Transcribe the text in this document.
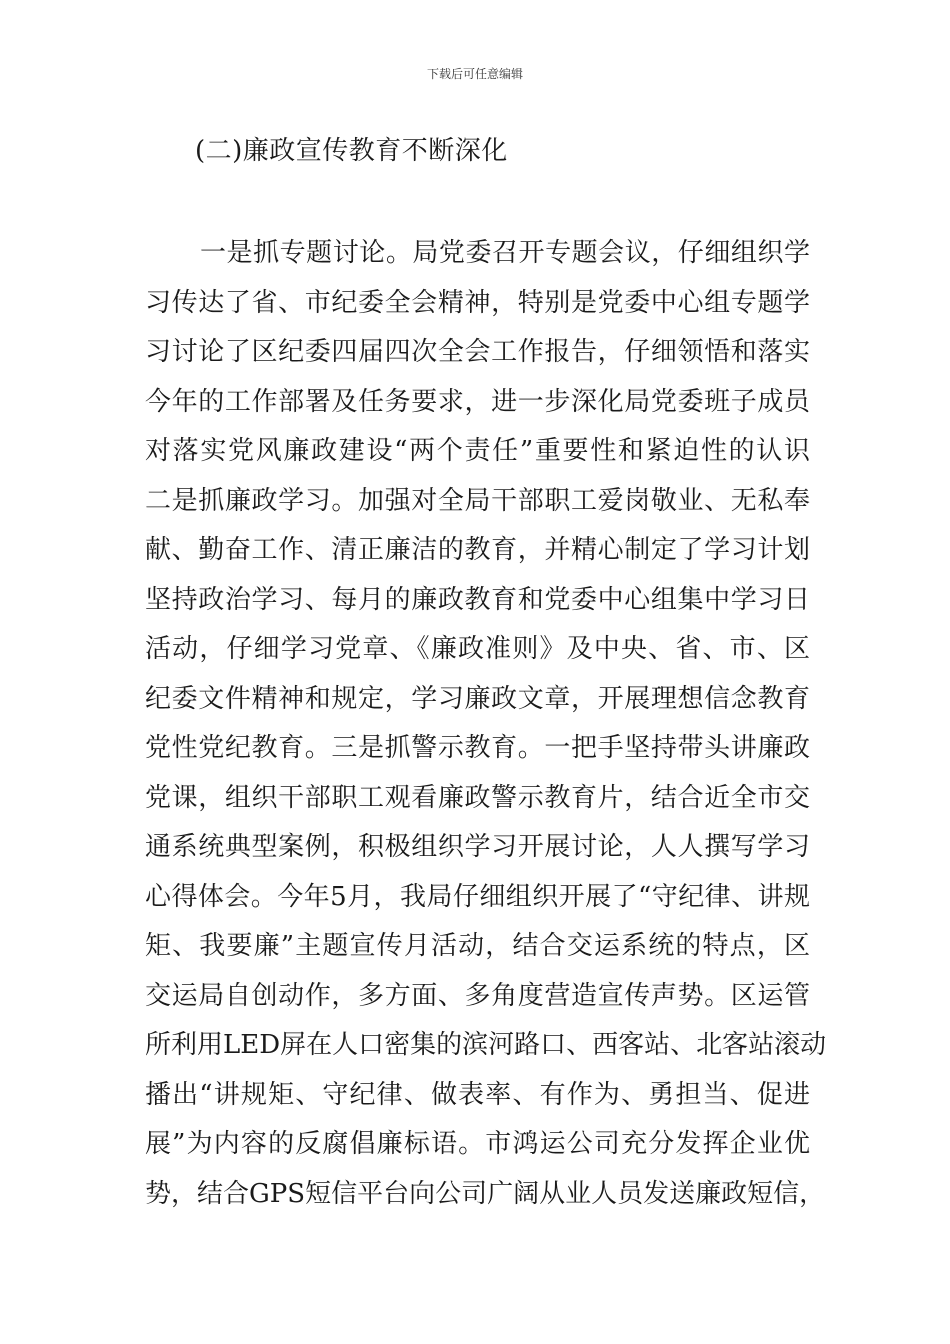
下载后可任意编辑
(二)廉政宣传教育不断深化
一是抓专题讨论。局党委召开专题会议，仔细组织学
习传达了省、市纪委全会精神，特别是党委中心组专题学
习讨论了区纪委四届四次全会工作报告，仔细领悟和落实
今年的工作部署及任务要求，进一步深化局党委班子成员
对落实党风廉政建设“两个责任”重要性和紧迫性的认识
二是抓廉政学习。加强对全局干部职工爱岗敬业、无私奉
献、勤奋工作、清正廉洁的教育，并精心制定了学习计划
坚持政治学习、每月的廉政教育和党委中心组集中学习日
活动，仔细学习党章、《廉政准则》及中央、省、市、区
纪委文件精神和规定，学习廉政文章，开展理想信念教育
党性党纪教育。三是抓警示教育。一把手坚持带头讲廉政
党课，组织干部职工观看廉政警示教育片，结合近全市交
通系统典型案例，积极组织学习开展讨论，人人撰写学习
心得体会。今年5月，我局仔细组织开展了“守纪律、讲规
矩、我要廉”主题宣传月活动，结合交运系统的特点，区
交运局自创动作，多方面、多角度营造宣传声势。区运管
所利用LED屏在人口密集的滨河路口、西客站、北客站滚动
播出“讲规矩、守纪律、做表率、有作为、勇担当、促进
展”为内容的反腐倡廉标语。市鸿运公司充分发挥企业优
势，结合GPS短信平台向公司广阔从业人员发送廉政短信，
